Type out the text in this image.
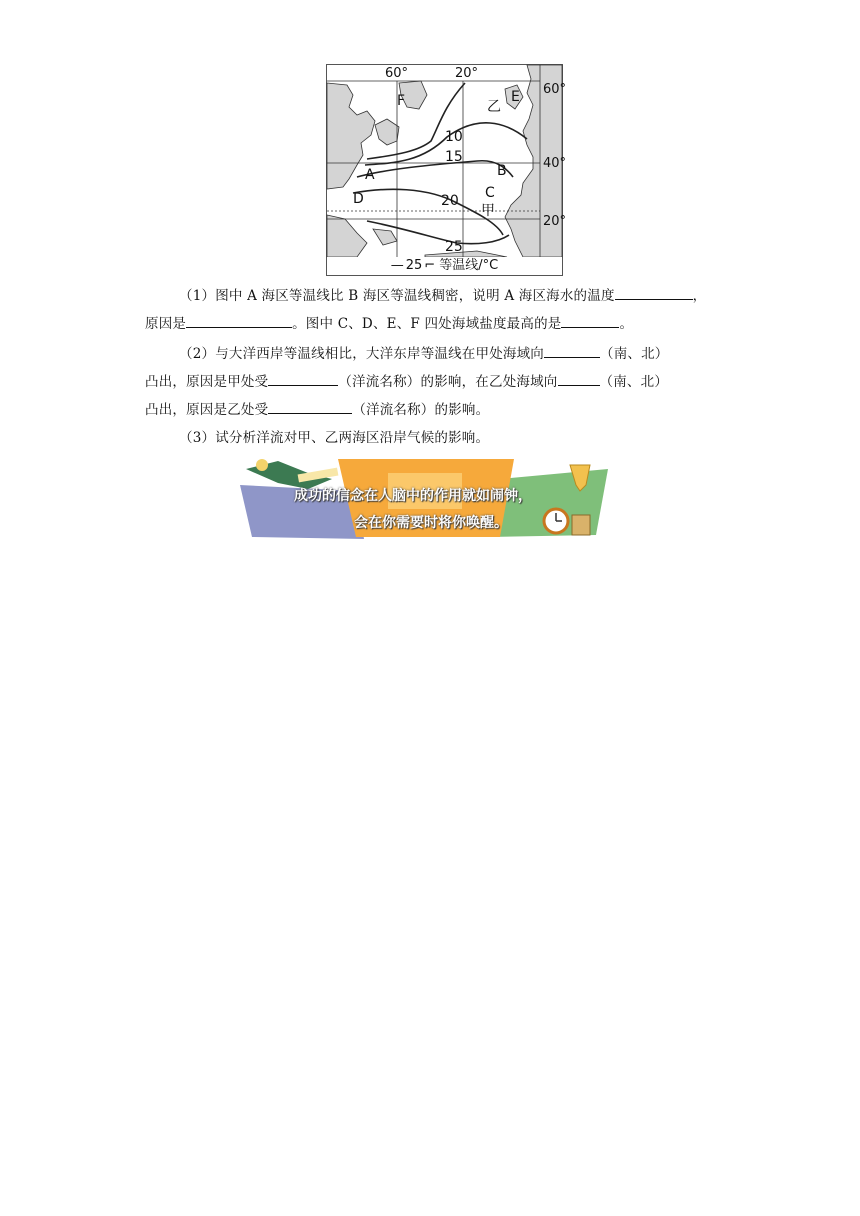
60°	20°
60°
40°
20°
10
15
20
25
F	乙
E
A	B
D	C
甲
— 25 ⌐ 等温线/°C
（1）图中 A 海区等温线比 B 海区等温线稠密，说明 A 海区海水的温度	，
原因是	。图中 C、D、E、F 四处海域盐度最高的是	。
（2）与大洋西岸等温线相比，大洋东岸等温线在甲处海域向	（南、北）
凸出，原因是甲处受	（洋流名称）的影响，在乙处海域向	（南、北）
凸出，原因是乙处受	（洋流名称）的影响。
（3）试分析洋流对甲、乙两海区沿岸气候的影响。
成功的信念在人脑中的作用就如闹钟，
会在你需要时将你唤醒。
